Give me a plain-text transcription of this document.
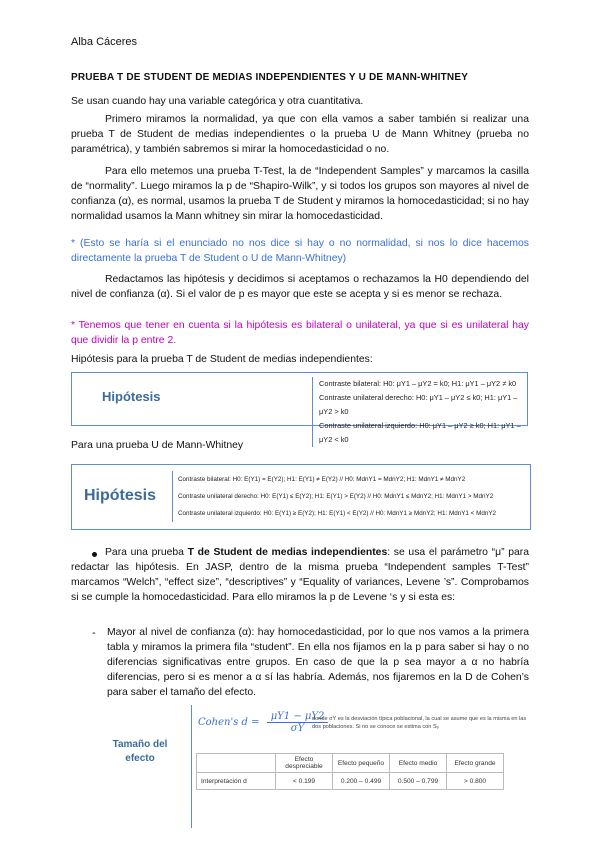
Alba Cáceres
PRUEBA T DE STUDENT DE MEDIAS INDEPENDIENTES Y U DE MANN-WHITNEY
Se usan cuando hay una variable categórica y otra cuantitativa.
Primero miramos la normalidad, ya que con ella vamos a saber también si realizar una prueba T de Student de medias independientes o la prueba U de Mann Whitney (prueba no paramétrica), y también sabremos si mirar la homocedasticidad o no.
Para ello metemos una prueba T-Test, la de “Independent Samples” y marcamos la casilla de “normality”. Luego miramos la p de “Shapiro-Wilk”, y si todos los grupos son mayores al nivel de confianza (α), es normal, usamos la prueba T de Student y miramos la homocedasticidad; si no hay normalidad usamos la Mann whitney sin mirar la homocedasticidad.
* (Esto se haría si el enunciado no nos dice si hay o no normalidad, si nos lo dice hacemos directamente la prueba T de Student o U de Mann-Whitney)
Redactamos las hipótesis y decidimos si aceptamos o rechazamos la H0 dependiendo del nivel de confianza (α). Si el valor de p es mayor que este se acepta y si es menor se rechaza.
* Tenemos que tener en cuenta si la hipótesis es bilateral o unilateral, ya que si es unilateral hay que dividir la p entre 2.
Hipótesis para la prueba T de Student de medias independientes:
Hipótesis
Contraste bilateral: H0: μY1 – μY2 = k0; H1: μY1 – μY2 ≠ k0
Contraste unilateral derecho: H0: μY1 – μY2 ≤ k0; H1: μY1 – μY2 > k0
Contraste unilateral izquierdo: H0: μY1 – μY2 ≥ k0; H1: μY1 – μY2 < k0
Para una prueba U de Mann-Whitney
Hipótesis
Contraste bilateral: H0: E(Y1) = E(Y2); H1: E(Y1) ≠ E(Y2) // H0: MdnY1 = MdnY2; H1: MdnY1 ≠ MdnY2
Contraste unilateral derecho: H0: E(Y1) ≤ E(Y2); H1: E(Y1) > E(Y2) // H0: MdnY1 ≤ MdnY2; H1: MdnY1 > MdnY2
Contraste unilateral izquierdo: H0: E(Y1) ≥ E(Y2); H1: E(Y1) < E(Y2) // H0: MdnY1 ≥ MdnY2; H1: MdnY1 < MdnY2
Para una prueba T de Student de medias independientes: se usa el parámetro “μ” para redactar las hipótesis. En JASP, dentro de la misma prueba “Independent samples T-Test” marcamos “Welch”, “effect size”, “descriptives” y “Equality of variances, Levene ’s”. Comprobamos si se cumple la homocedasticidad. Para ello miramos la p de Levene ‘s y si esta es:
- Mayor al nivel de confianza (α): hay homocedasticidad, por lo que nos vamos a la primera tabla y miramos la primera fila “student”. En ella nos fijamos en la p para saber si hay o no diferencias significativas entre grupos. En caso de que la p sea mayor a α no habría diferencias, pero si es menor a α sí las habría. Además, nos fijaremos en la D de Cohen’s para saber el tamaño del efecto.
Tamaño del efecto
Cohen's $d = \frac{\mu Y1 - \mu Y2}{\sigma Y}$
donde σY es la desviación típica poblacional, la cual se asume que es la misma en las dos poblaciones. Si no se conoce se estima con Sₚ
	Efecto despreciable	Efecto pequeño	Efecto medio	Efecto grande
Interpretación d	< 0.199	0.200 – 0.499	0.500 – 0.799	> 0.800
